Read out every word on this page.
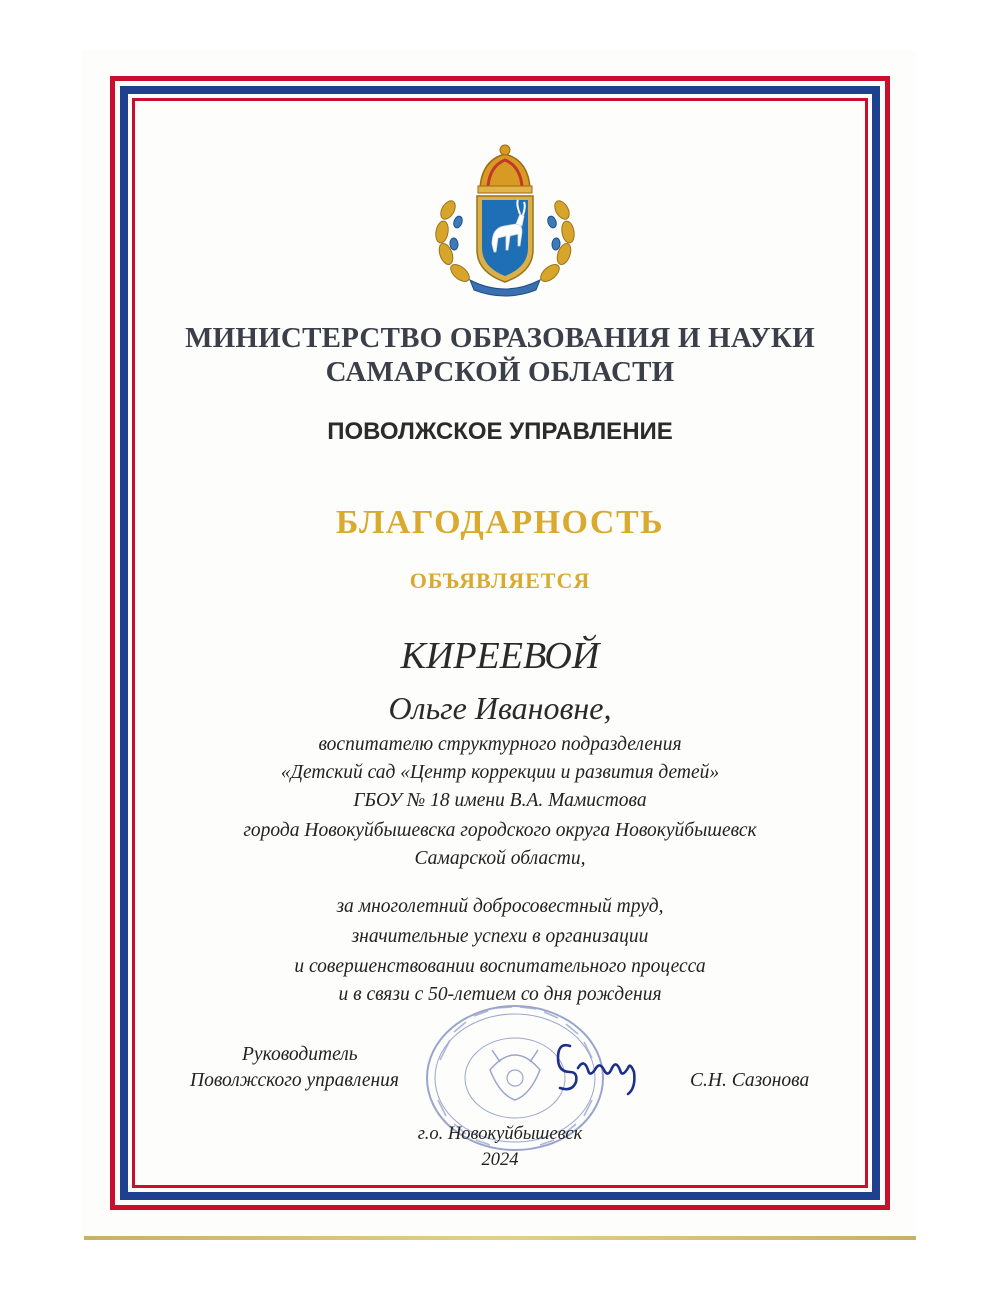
МИНИСТЕРСТВО ОБРАЗОВАНИЯ И НАУКИ
САМАРСКОЙ ОБЛАСТИ
ПОВОЛЖСКОЕ УПРАВЛЕНИЕ
БЛАГОДАРНОСТЬ
ОБЪЯВЛЯЕТСЯ
КИРЕЕВОЙ
Ольге Ивановне,
воспитателю структурного подразделения
«Детский сад «Центр коррекции и развития детей»
ГБОУ № 18 имени В.А. Мамистова
города Новокуйбышевска городского округа Новокуйбышевск
Самарской области,
за многолетний добросовестный труд,
значительные успехи в организации
и совершенствовании воспитательного процесса
и в связи с 50-летием со дня рождения
Руководитель
Поволжского управления	С.Н. Сазонова
г.о. Новокуйбышевск
2024
